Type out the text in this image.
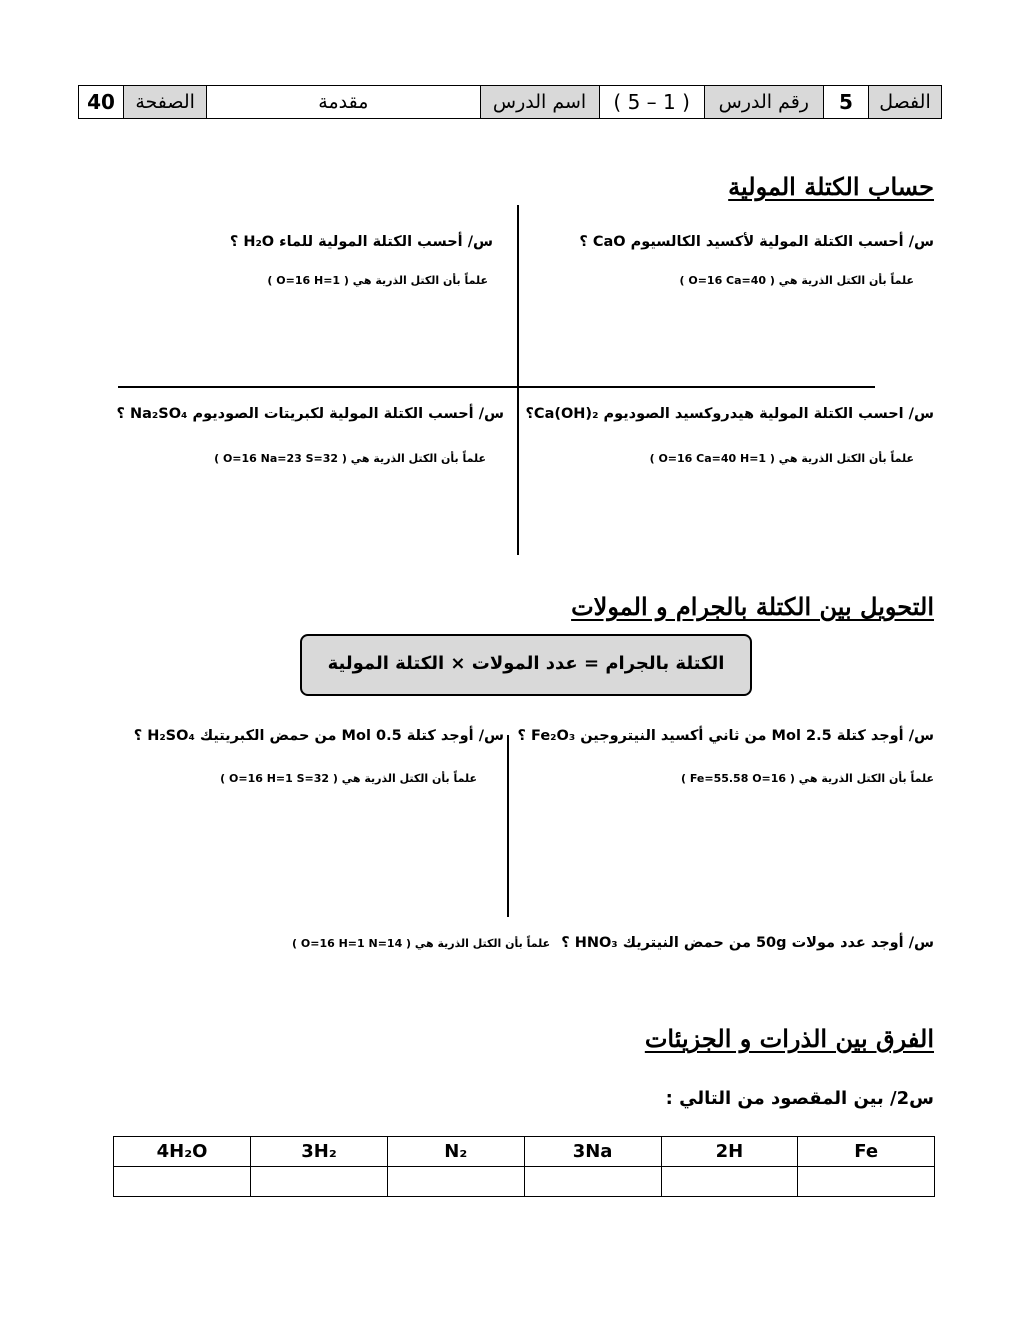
الفصل	5	رقم الدرس	( 1 – 5 )	اسم الدرس	مقدمة	الصفحة	40
حساب الكتلة المولية
س/ أحسب الكتلة المولية لأكسيد الكالسيوم CaO ؟
علماً بأن الكتل الذرية هي ( O=16 Ca=40 )
س/ أحسب الكتلة المولية للماء H₂O ؟
علماً بأن الكتل الذرية هي ( O=16 H=1 )
س/ احسب الكتلة المولية هيدروكسيد الصوديوم Ca(OH)₂؟
علماً بأن الكتل الذرية هي ( O=16 Ca=40 H=1 )
س/ أحسب الكتلة المولية لكبريتات الصوديوم Na₂SO₄ ؟
علماً بأن الكتل الذرية هي ( O=16 Na=23 S=32 )
التحويل بين الكتلة بالجرام و المولات
الكتلة بالجرام = عدد المولات × الكتلة المولية
س/ أوجد كتلة 2.5 Mol من ثاني أكسيد النيتروجين Fe₂O₃ ؟
علماً بأن الكتل الذرية هي ( Fe=55.58 O=16 )
س/ أوجد كتلة 0.5 Mol من حمض الكبريتيك H₂SO₄ ؟
علماً بأن الكتل الذرية هي ( O=16 H=1 S=32 )
س/ أوجد عدد مولات 50g من حمض النيتريك HNO₃ ؟ علماً بأن الكتل الذرية هي ( O=16 H=1 N=14 )
الفرق بين الذرات و الجزيئات
س2/ بين المقصود من التالي :
Fe	2H	3Na	N₂	3H₂	4H₂O
